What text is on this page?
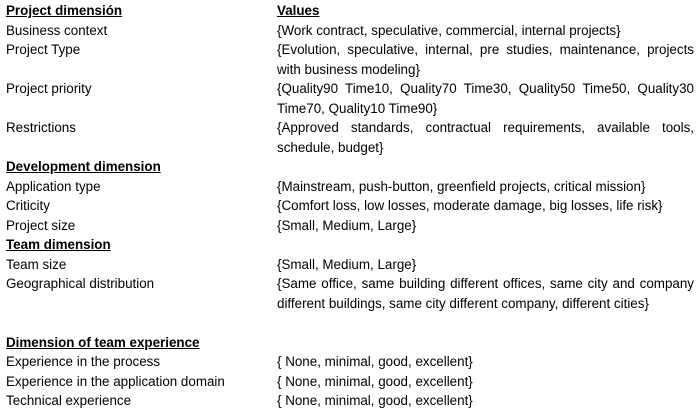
Project dimensión	Values
Business context	{Work contract, speculative, commercial, internal projects}
Project Type	{Evolution, speculative, internal, pre studies, maintenance, projects with business modeling}
Project priority	{Quality90 Time10, Quality70 Time30, Quality50 Time50, Quality30 Time70, Quality10 Time90}
Restrictions	{Approved standards, contractual requirements, available tools, schedule, budget}
Development dimension
Application type	{Mainstream, push-button, greenfield projects, critical mission}
Criticity	{Comfort loss, low losses, moderate damage, big losses, life risk}
Project size	{Small, Medium, Large}
Team dimension
Team size	{Small, Medium, Large}
Geographical distribution	{Same office, same building different offices, same city and company different buildings, same city different company, different cities}
Dimension of team experience
Experience in the process	{ None, minimal, good, excellent}
Experience in the application domain	{ None, minimal, good, excellent}
Technical experience	{ None, minimal, good, excellent}
